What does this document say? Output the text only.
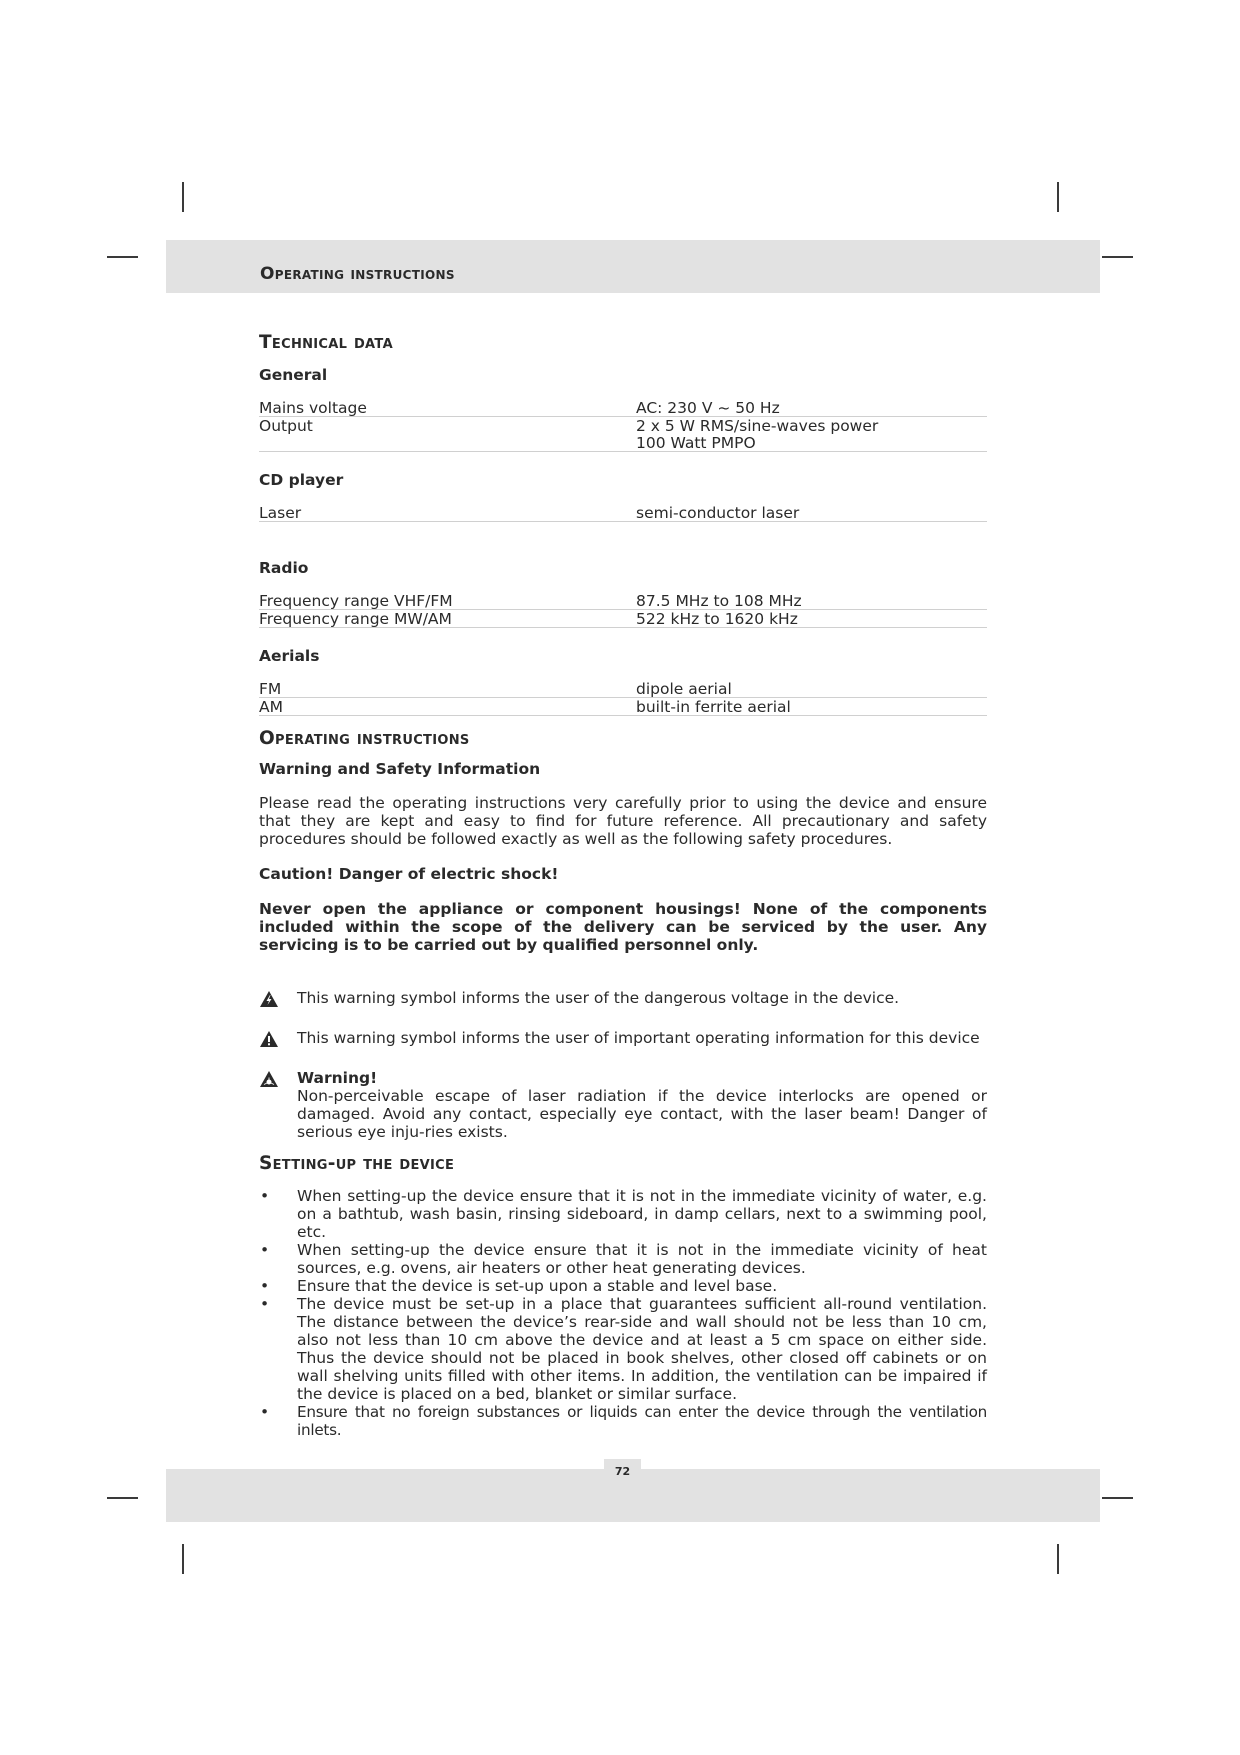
Operating instructions
72
Technical data
General
Mains voltage	AC: 230 V ~ 50 Hz
Output	2 x 5 W RMS/sine-waves power
100 Watt PMPO
CD player
Laser	semi-conductor laser
Radio
Frequency range VHF/FM	87.5 MHz to 108 MHz
Frequency range MW/AM	522 kHz to 1620 kHz
Aerials
FM	dipole aerial
AM	built-in ferrite aerial
Operating instructions
Warning and Safety Information

Please read the operating instructions very carefully prior to using the device and ensure that they are kept and easy to find for future reference. All precautionary and safety procedures should be followed exactly as well as the following safety procedures.

Caution! Danger of electric shock!

Never open the appliance or component housings! None of the components included within the scope of the delivery can be serviced by the user. Any servicing is to be carried out by qualified personnel only.

This warning symbol informs the user of the dangerous voltage in the device.
This warning symbol informs the user of important operating information for this device
Warning!
Non-perceivable escape of laser radiation if the device interlocks are opened or damaged. Avoid any contact, especially eye contact, with the laser beam! Danger of serious eye inju-ries exists.
Setting-up the device
•	When setting-up the device ensure that it is not in the immediate vicinity of water, e.g. on a bathtub, wash basin, rinsing sideboard, in damp cellars, next to a swimming pool, etc.
•	When setting-up the device ensure that it is not in the immediate vicinity of heat sources, e.g. ovens, air heaters or other heat generating devices.
•	Ensure that the device is set-up upon a stable and level base.
•	The device must be set-up in a place that guarantees sufficient all-round ventilation. The distance between the device’s rear-side and wall should not be less than 10 cm, also not less than 10 cm above the device and at least a 5 cm space on either side. Thus the device should not be placed in book shelves, other closed off cabinets or on wall shelving units filled with other items. In addition, the ventilation can be impaired if the device is placed on a bed, blanket or similar surface.
•	Ensure that no foreign substances or liquids can enter the device through the ventilation inlets.
